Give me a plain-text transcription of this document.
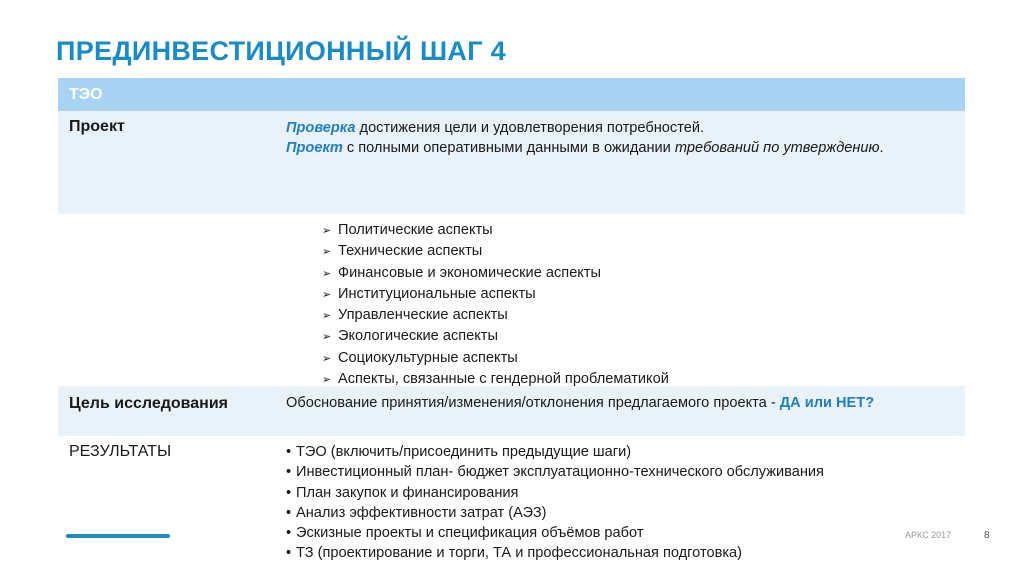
ПРЕДИНВЕСТИЦИОННЫЙ ШАГ 4
ТЭО
Проект	Проверка достижения цели и удовлетворения потребностей.
Проект с полными оперативными данными в ожидании требований по утверждению.
➢ Политические аспекты
➢ Технические аспекты
➢ Финансовые и экономические аспекты
➢ Институциональные аспекты
➢ Управленческие аспекты
➢ Экологические аспекты
➢ Социокультурные аспекты
➢ Аспекты, связанные с гендерной проблематикой
Цель исследования	Обоснование принятия/изменения/отклонения предлагаемого проекта - ДА или НЕТ?
РЕЗУЛЬТАТЫ	• ТЭО (включить/присоединить предыдущие шаги)
• Инвестиционный план- бюджет эксплуатационно-технического обслуживания
• План закупок и финансирования
• Анализ эффективности затрат (АЭЗ)
• Эскизные проекты и спецификация объёмов работ
• ТЗ (проектирование и торги, ТА и профессиональная подготовка)
АРКС 2017	8
